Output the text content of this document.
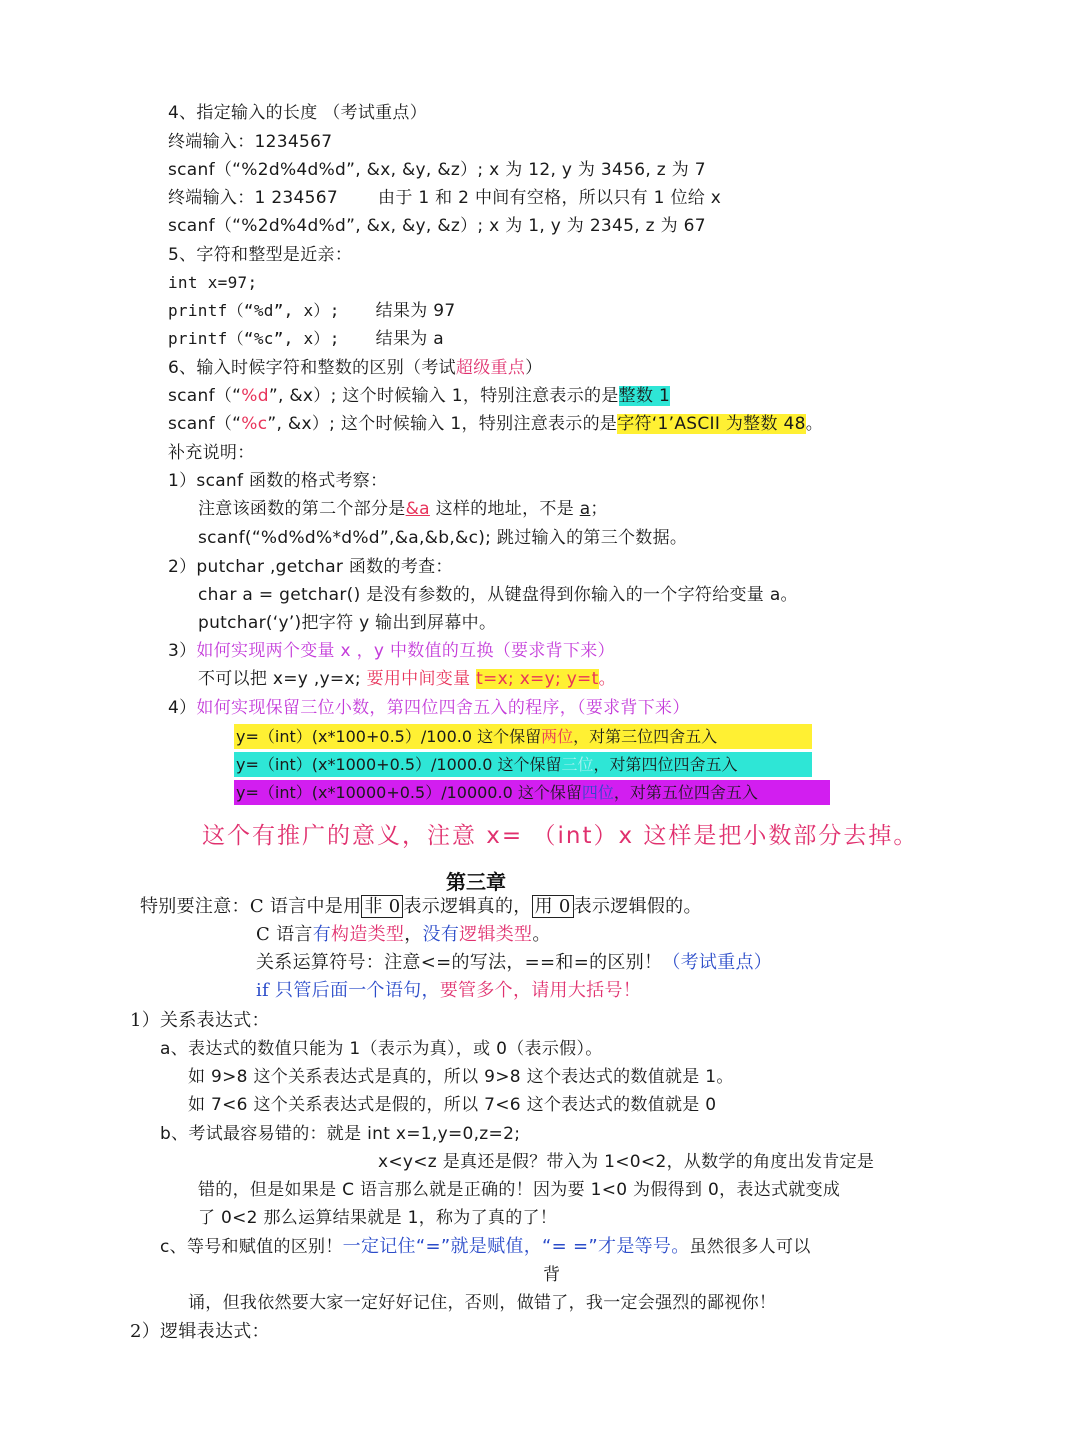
4、指定输入的长度 （考试重点）
终端输入：1234567
scanf（“%2d%4d%d”, &x, &y, &z）; x 为 12, y 为 3456, z 为 7
终端输入：1 234567 由于 1 和 2 中间有空格，所以只有 1 位给 x
scanf（“%2d%4d%d”, &x, &y, &z）; x 为 1, y 为 2345, z 为 67
5、字符和整型是近亲：
int x=97;
printf（“%d”, x）; 结果为 97
printf（“%c”, x）; 结果为 a
6、输入时候字符和整数的区别（考试超级重点）
scanf（“%d”, &x）; 这个时候输入 1，特别注意表示的是整数 1
scanf（“%c”, &x）; 这个时候输入 1，特别注意表示的是字符‘1’ASCII 为整数 48。
补充说明：
1）scanf 函数的格式考察：
注意该函数的第二个部分是&a 这样的地址，不是 a；
scanf(“%d%d%*d%d”,&a,&b,&c); 跳过输入的第三个数据。
2）putchar ,getchar 函数的考查：
char a = getchar() 是没有参数的，从键盘得到你输入的一个字符给变量 a。
putchar(‘y’)把字符 y 输出到屏幕中。
3）如何实现两个变量 x ，y 中数值的互换（要求背下来）
不可以把 x=y ,y=x; 要用中间变量 t=x; x=y; y=t。
4）如何实现保留三位小数，第四位四舍五入的程序，（要求背下来）
y=（int）(x*100+0.5）/100.0 这个保留两位，对第三位四舍五入
y=（int）(x*1000+0.5）/1000.0 这个保留三位，对第四位四舍五入
y=（int）(x*10000+0.5）/10000.0 这个保留四位，对第五位四舍五入
这个有推广的意义，注意 x= （int）x 这样是把小数部分去掉。
第三章
特别要注意：C 语言中是用 非 0 表示逻辑真的， 用 0 表示逻辑假的。
C 语言有构造类型，没有逻辑类型。
关系运算符号：注意<=的写法，==和=的区别！（考试重点）
if 只管后面一个语句，要管多个，请用大括号！
1）关系表达式：
a、表达式的数值只能为 1（表示为真），或 0（表示假）。
如 9>8 这个关系表达式是真的，所以 9>8 这个表达式的数值就是 1。
如 7<6 这个关系表达式是假的，所以 7<6 这个表达式的数值就是 0
b、考试最容易错的：就是 int x=1,y=0,z=2;
x<y<z 是真还是假？带入为 1<0<2，从数学的角度出发肯定是
错的，但是如果是 C 语言那么就是正确的！因为要 1<0 为假得到 0，表达式就变成
了 0<2 那么运算结果就是 1，称为了真的了！
c、等号和赋值的区别！一定记住“=”就是赋值，“= =”才是等号。虽然很多人可以
背
诵，但我依然要大家一定好好记住，否则，做错了，我一定会强烈的鄙视你！
2）逻辑表达式：
